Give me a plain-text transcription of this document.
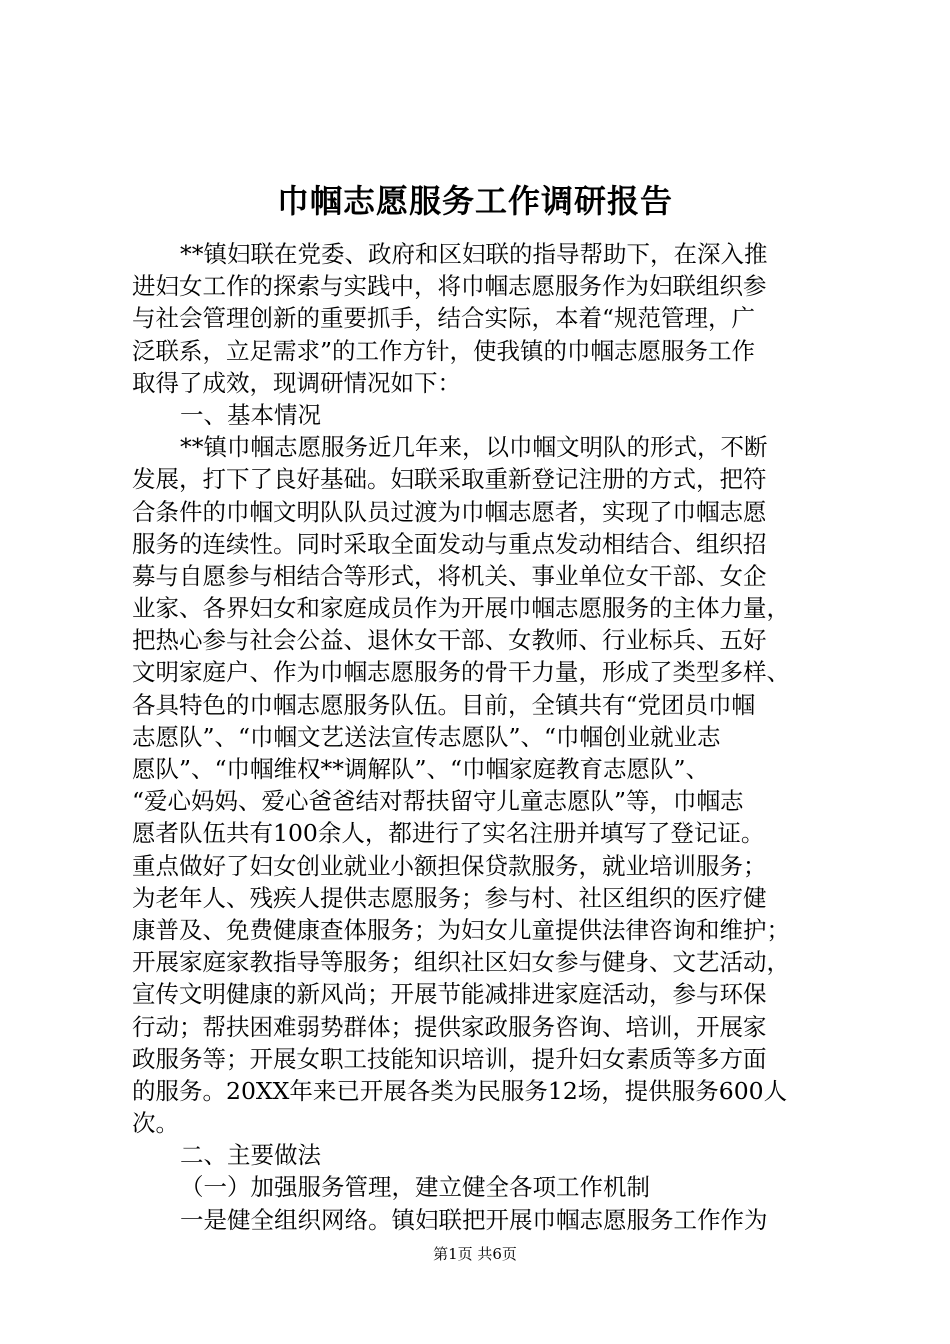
巾帼志愿服务工作调研报告
**镇妇联在党委、政府和区妇联的指导帮助下，在深入推
进妇女工作的探索与实践中，将巾帼志愿服务作为妇联组织参
与社会管理创新的重要抓手，结合实际，本着“规范管理，广
泛联系，立足需求”的工作方针，使我镇的巾帼志愿服务工作
取得了成效，现调研情况如下：
一、基本情况
**镇巾帼志愿服务近几年来，以巾帼文明队的形式，不断
发展，打下了良好基础。妇联采取重新登记注册的方式，把符
合条件的巾帼文明队队员过渡为巾帼志愿者，实现了巾帼志愿
服务的连续性。同时采取全面发动与重点发动相结合、组织招
募与自愿参与相结合等形式，将机关、事业单位女干部、女企
业家、各界妇女和家庭成员作为开展巾帼志愿服务的主体力量，
把热心参与社会公益、退休女干部、女教师、行业标兵、五好
文明家庭户、作为巾帼志愿服务的骨干力量，形成了类型多样、
各具特色的巾帼志愿服务队伍。目前，全镇共有“党团员巾帼
志愿队”、“巾帼文艺送法宣传志愿队”、“巾帼创业就业志
愿队”、“巾帼维权**调解队”、“巾帼家庭教育志愿队”、
“爱心妈妈、爱心爸爸结对帮扶留守儿童志愿队”等，巾帼志
愿者队伍共有100余人，都进行了实名注册并填写了登记证。
重点做好了妇女创业就业小额担保贷款服务，就业培训服务；
为老年人、残疾人提供志愿服务；参与村、社区组织的医疗健
康普及、免费健康查体服务；为妇女儿童提供法律咨询和维护；
开展家庭家教指导等服务；组织社区妇女参与健身、文艺活动，
宣传文明健康的新风尚；开展节能减排进家庭活动，参与环保
行动；帮扶困难弱势群体；提供家政服务咨询、培训，开展家
政服务等；开展女职工技能知识培训，提升妇女素质等多方面
的服务。20XX年来已开展各类为民服务12场，提供服务600人
次。
二、主要做法
（一）加强服务管理，建立健全各项工作机制
一是健全组织网络。镇妇联把开展巾帼志愿服务工作作为
第1页 共6页
